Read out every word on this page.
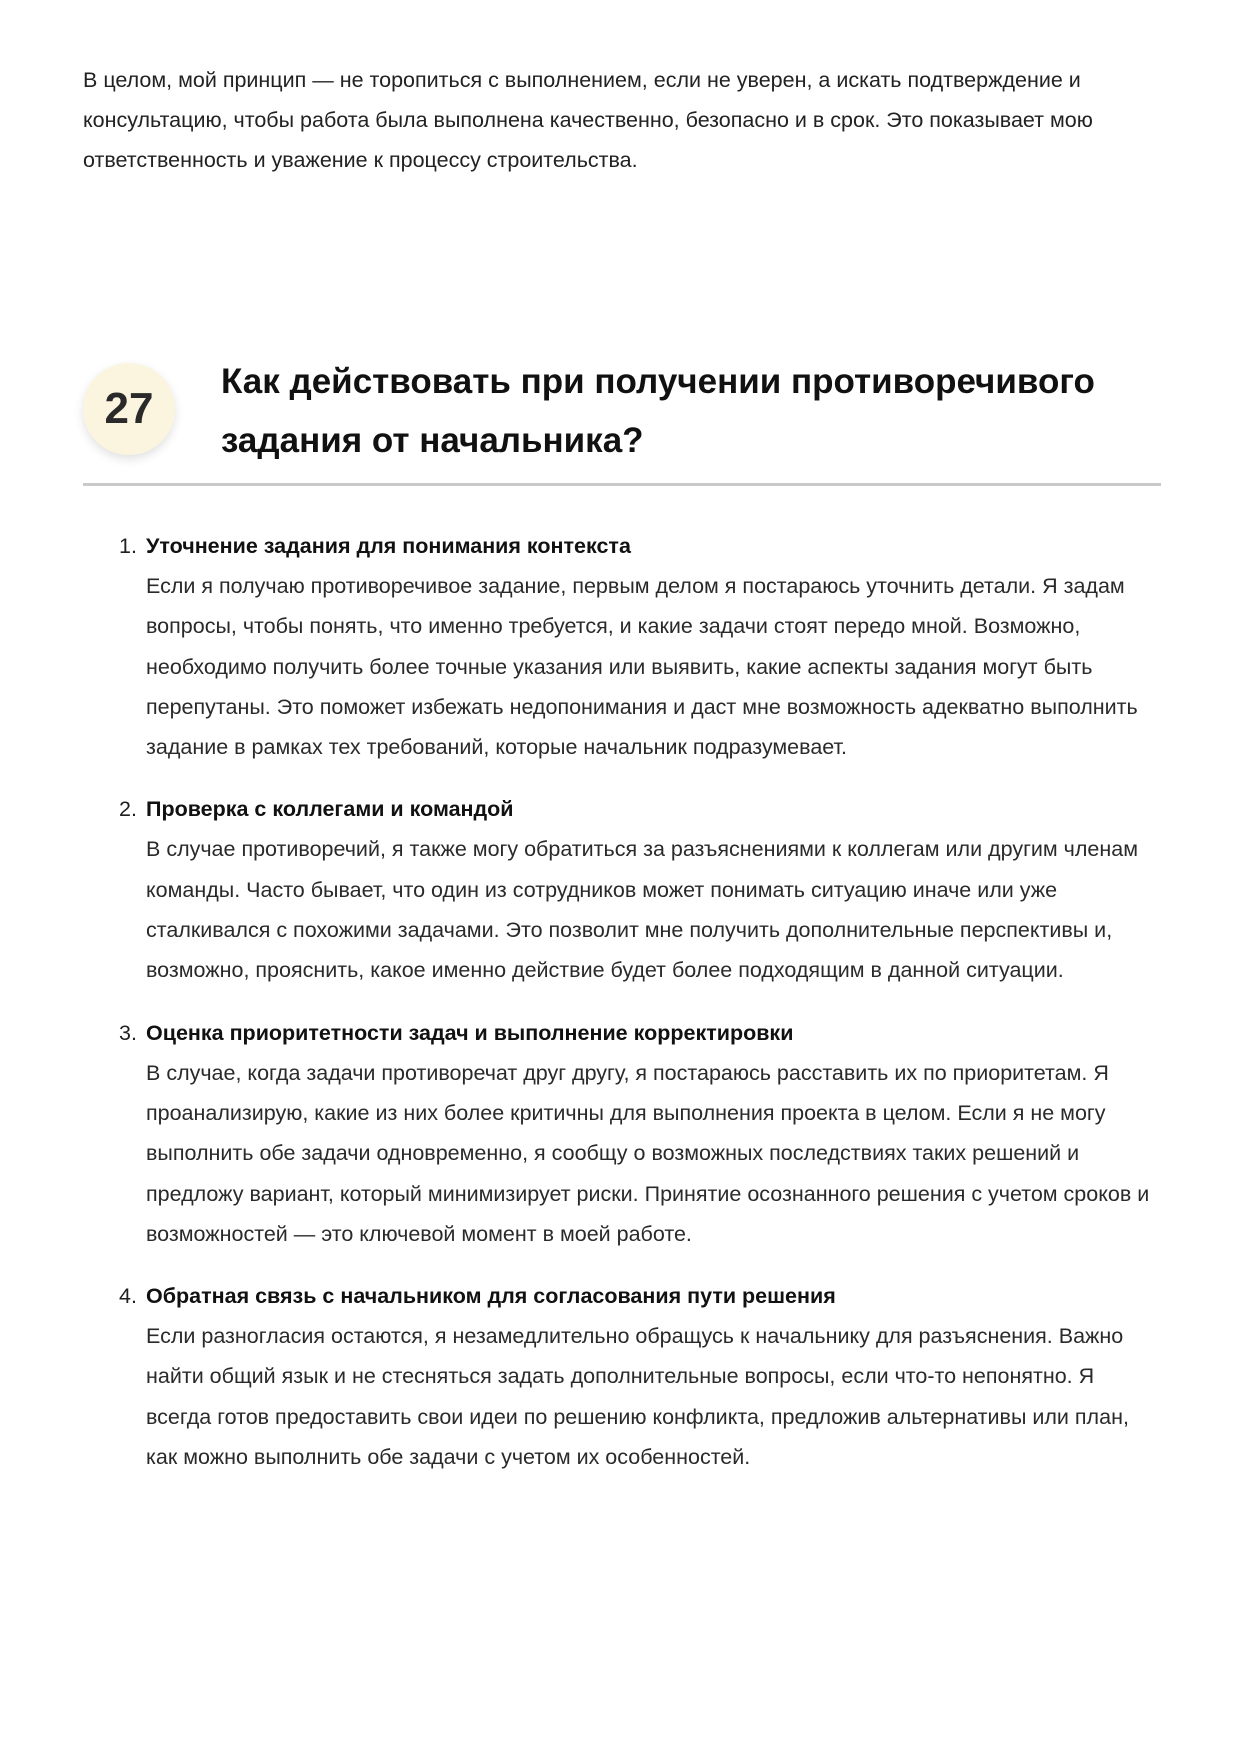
В целом, мой принцип — не торопиться с выполнением, если не уверен, а искать подтверждение и консультацию, чтобы работа была выполнена качественно, безопасно и в срок. Это показывает мою ответственность и уважение к процессу строительства.

27
Как действовать при получении противоречивого задания от начальника?
1. Уточнение задания для понимания контекста
Если я получаю противоречивое задание, первым делом я постараюсь уточнить детали. Я задам вопросы, чтобы понять, что именно требуется, и какие задачи стоят передо мной. Возможно, необходимо получить более точные указания или выявить, какие аспекты задания могут быть перепутаны. Это поможет избежать недопонимания и даст мне возможность адекватно выполнить задание в рамках тех требований, которые начальник подразумевает.
2. Проверка с коллегами и командой
В случае противоречий, я также могу обратиться за разъяснениями к коллегам или другим членам команды. Часто бывает, что один из сотрудников может понимать ситуацию иначе или уже сталкивался с похожими задачами. Это позволит мне получить дополнительные перспективы и, возможно, прояснить, какое именно действие будет более подходящим в данной ситуации.
3. Оценка приоритетности задач и выполнение корректировки
В случае, когда задачи противоречат друг другу, я постараюсь расставить их по приоритетам. Я проанализирую, какие из них более критичны для выполнения проекта в целом. Если я не могу выполнить обе задачи одновременно, я сообщу о возможных последствиях таких решений и предложу вариант, который минимизирует риски. Принятие осознанного решения с учетом сроков и возможностей — это ключевой момент в моей работе.
4. Обратная связь с начальником для согласования пути решения
Если разногласия остаются, я незамедлительно обращусь к начальнику для разъяснения. Важно найти общий язык и не стесняться задать дополнительные вопросы, если что-то непонятно. Я всегда готов предоставить свои идеи по решению конфликта, предложив альтернативы или план, как можно выполнить обе задачи с учетом их особенностей.
